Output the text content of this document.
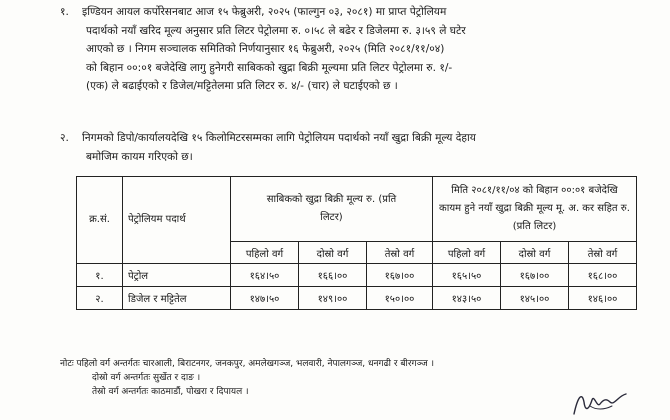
१. इण्डियन आयल कर्पोरेसनबाट आज १५ फेब्रुअरी, २०२५ (फाल्गुन ०३, २०८१) मा प्राप्त पेट्रोलियम
पदार्थको नयाँ खरिद मूल्य अनुसार प्रति लिटर पेट्रोलमा रु. ०।५८ ले बढेर र डिजेलमा रु. ३।५९ ले घटेर
आएको छ । निगम सञ्चालक समितिको निर्णयानुसार १६ फेब्रुअरी, २०२५ (मिति २०८१/११/०४)
को बिहान ००:०१ बजेदेखि लागु हुनेगरी साबिकको खुद्रा बिक्री मूल्यमा प्रति लिटर पेट्रोलमा रु. १/-
(एक) ले बढाईएको र डिजेल/मट्टितेलमा प्रति लिटर रु. ४/- (चार) ले घटाईएको छ ।
२. निगमको डिपो/कार्यालयदेखि १५ किलोमिटरसम्मका लागि पेट्रोलियम पदार्थको नयाँ खुद्रा बिक्री मूल्य देहाय
बमोजिम कायम गरिएको छ।
क्र.सं.	पेट्रोलियम पदार्थ	साबिकको खुद्रा बिक्री मूल्य रु. (प्रति लिटर)			मिति २०८१/११/०४ को बिहान ००:०१ बजेदेखि कायम हुने नयाँ खुद्रा बिक्री मूल्य मू. अ. कर सहित रु. (प्रति लिटर)		
		पहिलो वर्ग	दोस्रो वर्ग	तेस्रो वर्ग	पहिलो वर्ग	दोस्रो वर्ग	तेस्रो वर्ग
१.	पेट्रोल	१६४।५०	१६६।००	१६७।००	१६५।५०	१६७।००	१६८।००
२.	डिजेल र मट्टितेल	१४७।५०	१४९।००	१५०।००	१४३।५०	१४५।००	१४६।००
नोटः पहिलो वर्ग अन्तर्गतः चारआली, बिराटनगर, जनकपुर, अमलेखगञ्ज, भलवारी, नेपालगञ्ज, धनगढी र बीरगञ्ज ।
दोस्रो वर्ग अन्तर्गतः सुर्खेत र दाङ ।
तेस्रो वर्ग अन्तर्गतः काठमाडौं, पोखरा र दिपायल ।
